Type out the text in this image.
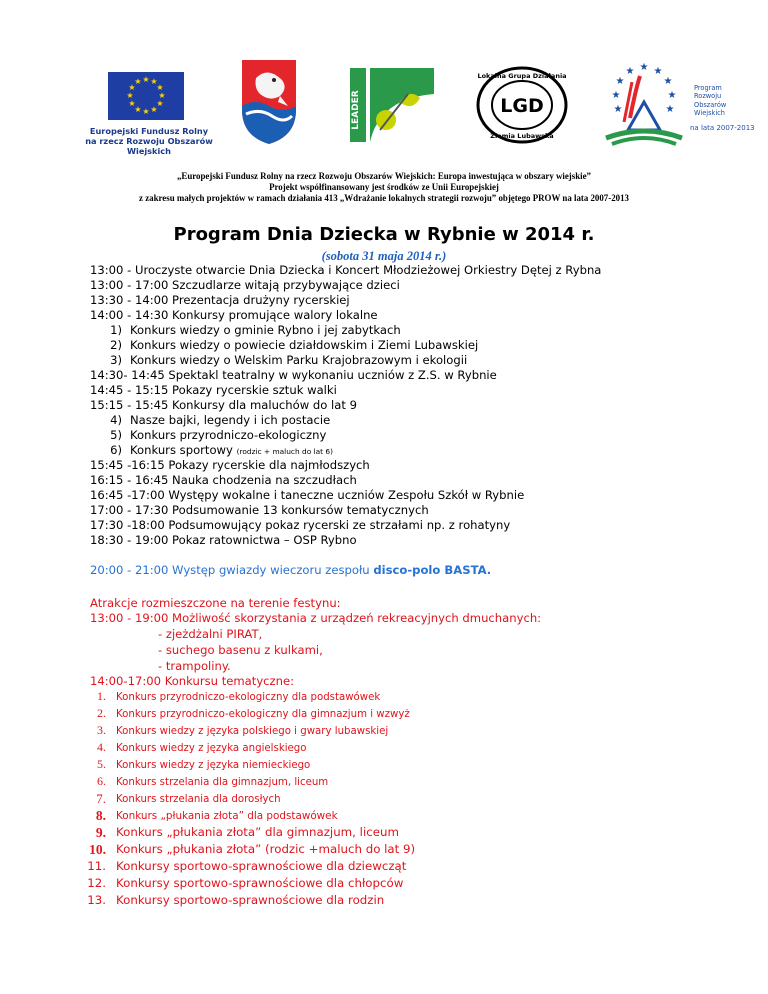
★ ★
★
★
★
★
★
★
★
★
★
★
Europejski Fundusz Rolny
na rzecz Rozwoju Obszarów Wiejskich
LEADER	LGD
Lokalna Grupa Działania
Ziemia Lubawska
★ ★
★
★
★
★
★
★
★
Program
Rozwoju
Obszarów
Wiejskich
na lata 2007-2013
„Europejski Fundusz Rolny na rzecz Rozwoju Obszarów Wiejskich: Europa inwestująca w obszary wiejskie”
Projekt współfinansowany jest środków ze Unii Europejskiej
z zakresu małych projektów w ramach działania 413 „Wdrażanie lokalnych strategii rozwoju” objętego PROW na lata 2007-2013
Program Dnia Dziecka w Rybnie w 2014 r.
(sobota 31 maja 2014 r.)
13:00 - Uroczyste otwarcie Dnia Dziecka i Koncert Młodzieżowej Orkiestry Dętej z Rybna
13:00 - 17:00 Szczudlarze witają przybywające dzieci
13:30 - 14:00 Prezentacja drużyny rycerskiej
14:00 - 14:30 Konkursy promujące walory lokalne
1) Konkurs wiedzy o gminie Rybno i jej zabytkach
2) Konkurs wiedzy o powiecie działdowskim i Ziemi Lubawskiej
3) Konkurs wiedzy o Welskim Parku Krajobrazowym i ekologii
14:30- 14:45 Spektakl teatralny w wykonaniu uczniów z Z.S. w Rybnie
14:45 - 15:15 Pokazy rycerskie sztuk walki
15:15 - 15:45 Konkursy dla maluchów do lat 9
4) Nasze bajki, legendy i ich postacie
5) Konkurs przyrodniczo-ekologiczny
6) Konkurs sportowy (rodzic + maluch do lat 6)
15:45 -16:15 Pokazy rycerskie dla najmłodszych
16:15 - 16:45 Nauka chodzenia na szczudłach
16:45 -17:00 Występy wokalne i taneczne uczniów Zespołu Szkół w Rybnie
17:00 - 17:30 Podsumowanie 13 konkursów tematycznych
17:30 -18:00 Podsumowujący pokaz rycerski ze strzałami np. z rohatyny
18:30 - 19:00 Pokaz ratownictwa – OSP Rybno
20:00 - 21:00 Występ gwiazdy wieczoru zespołu disco-polo BASTA.
Atrakcje rozmieszczone na terenie festynu:
13:00 - 19:00 Możliwość skorzystania z urządzeń rekreacyjnych dmuchanych:
- zjeżdżalni PIRAT,
- suchego basenu z kulkami,
- trampoliny.
14:00-17:00 Konkursu tematyczne:
1. Konkurs przyrodniczo-ekologiczny dla podstawówek
2. Konkurs przyrodniczo-ekologiczny dla gimnazjum i wzwyż
3. Konkurs wiedzy z języka polskiego i gwary lubawskiej
4. Konkurs wiedzy z języka angielskiego
5. Konkurs wiedzy z języka niemieckiego
6. Konkurs strzelania dla gimnazjum, liceum
7. Konkurs strzelania dla dorosłych
8. Konkurs „płukania złota” dla podstawówek
9. Konkurs „płukania złota” dla gimnazjum, liceum
10. Konkurs „płukania złota” (rodzic +maluch do lat 9)
11. Konkursy sportowo-sprawnościowe dla dziewcząt
12. Konkursy sportowo-sprawnościowe dla chłopców
13. Konkursy sportowo-sprawnościowe dla rodzin
